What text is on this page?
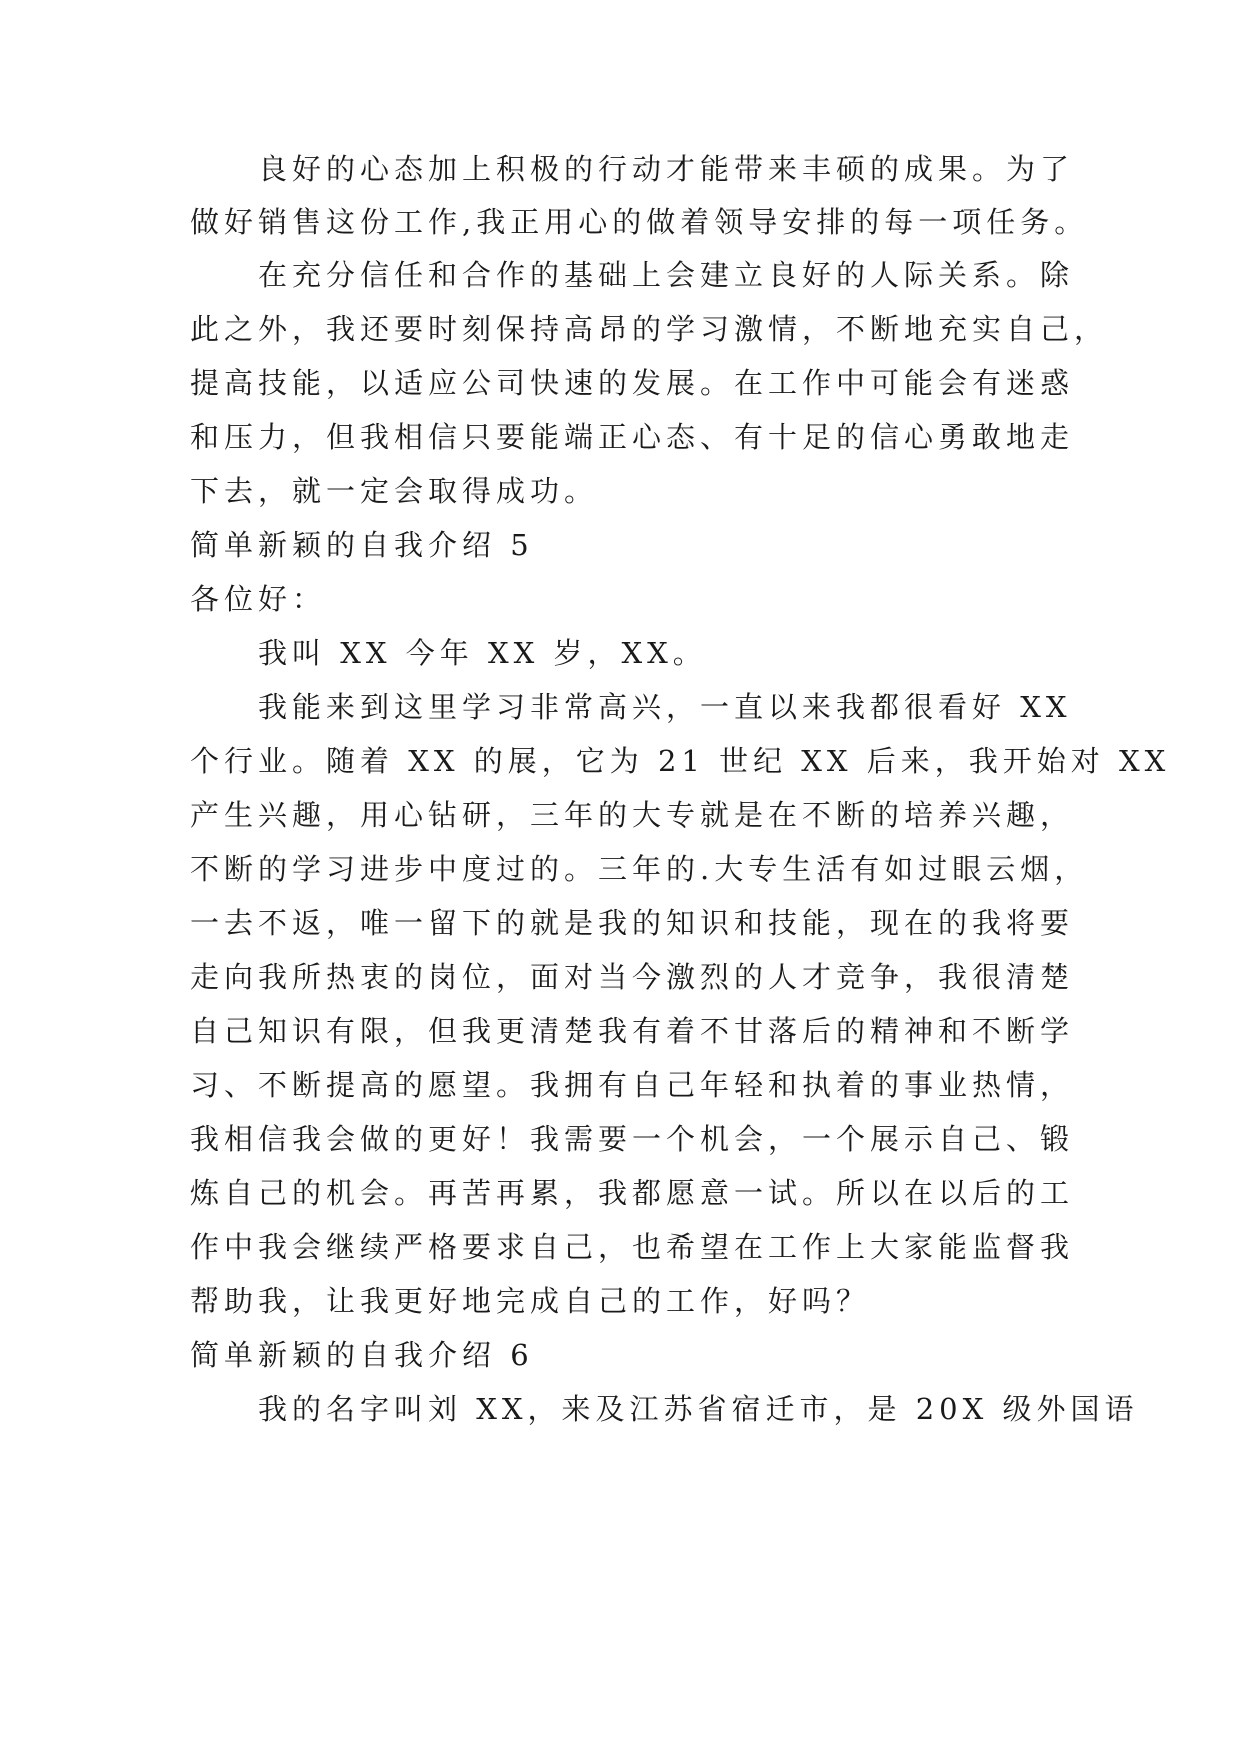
良好的心态加上积极的行动才能带来丰硕的成果。为了
做好销售这份工作,我正用心的做着领导安排的每一项任务。
在充分信任和合作的基础上会建立良好的人际关系。除
此之外，我还要时刻保持高昂的学习激情，不断地充实自己，
提高技能，以适应公司快速的发展。在工作中可能会有迷惑
和压力，但我相信只要能端正心态、有十足的信心勇敢地走
下去，就一定会取得成功。
简单新颖的自我介绍 5
各位好：
我叫 XX 今年 XX 岁，XX。
我能来到这里学习非常高兴，一直以来我都很看好 XX
个行业。随着 XX 的展，它为 21 世纪 XX 后来，我开始对 XX
产生兴趣，用心钻研，三年的大专就是在不断的培养兴趣，
不断的学习进步中度过的。三年的.大专生活有如过眼云烟，
一去不返，唯一留下的就是我的知识和技能，现在的我将要
走向我所热衷的岗位，面对当今激烈的人才竞争，我很清楚
自己知识有限，但我更清楚我有着不甘落后的精神和不断学
习、不断提高的愿望。我拥有自己年轻和执着的事业热情，
我相信我会做的更好！我需要一个机会，一个展示自己、锻
炼自己的机会。再苦再累，我都愿意一试。所以在以后的工
作中我会继续严格要求自己，也希望在工作上大家能监督我
帮助我，让我更好地完成自己的工作，好吗？
简单新颖的自我介绍 6
我的名字叫刘 XX，来及江苏省宿迁市，是 20X 级外国语
